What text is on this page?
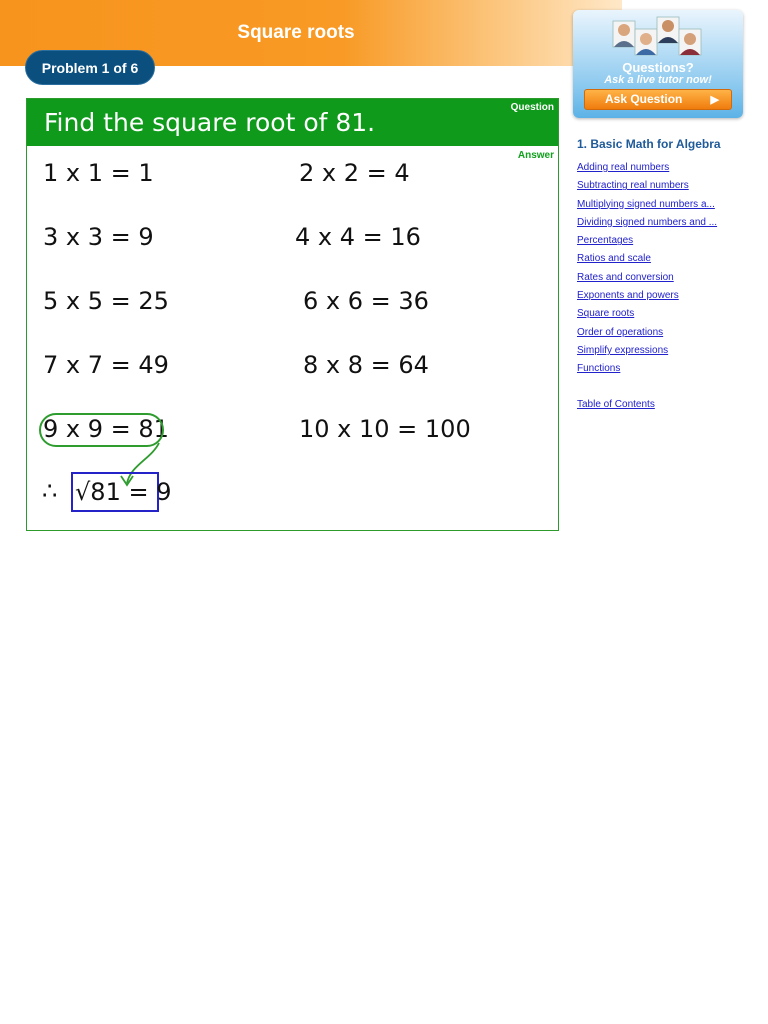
Square roots
Problem 1 of 6
Find the square root of 81.
Question
Answer
1 x 1 = 1	2 x 2 = 4
3 x 3 = 9	4 x 4 = 16
5 x 5 = 25	6 x 6 = 36
7 x 7 = 49	8 x 8 = 64
9 x 9 = 81	10 x 10 = 100
∴ √81 = 9
Questions?
Ask a live tutor now!
Ask Question	▶
1. Basic Math for Algebra
Adding real numbers
Subtracting real numbers
Multiplying signed numbers a...
Dividing signed numbers and ...
Percentages
Ratios and scale
Rates and conversion
Exponents and powers
Square roots
Order of operations
Simplify expressions
Functions
Table of Contents
